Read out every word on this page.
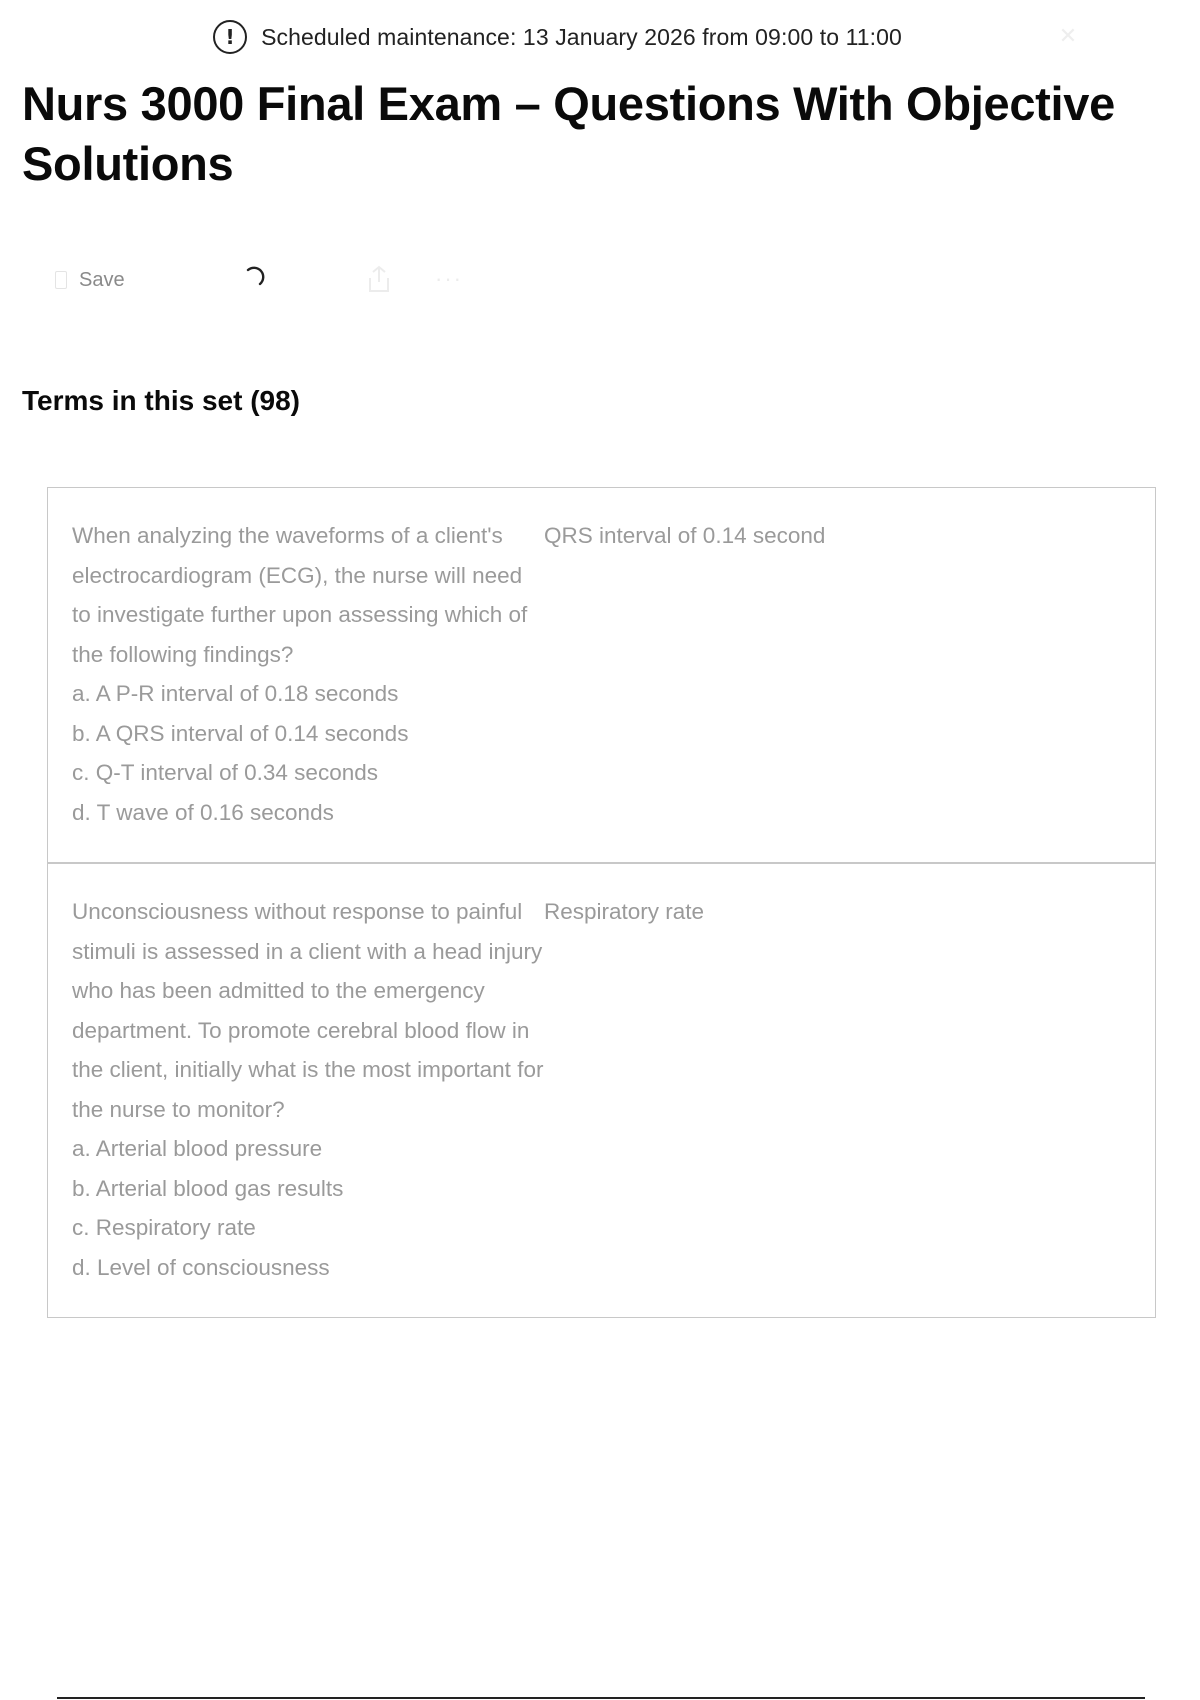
!	Scheduled maintenance: 13 January 2026 from 09:00 to 11:00	✕
Nurs 3000 Final Exam – Questions With Objective Solutions
Save	···
Terms in this set (98)

When analyzing the waveforms of a client's electrocardiogram (ECG), the nurse will need to investigate further upon assessing which of the following findings?

a. A P-R interval of 0.18 seconds

b. A QRS interval of 0.14 seconds

c. Q-T interval of 0.34 seconds

d. T wave of 0.16 seconds

QRS interval of 0.14 second

Unconsciousness without response to painful stimuli is assessed in a client with a head injury who has been admitted to the emergency department. To promote cerebral blood flow in the client, initially what is the most important for the nurse to monitor?

a. Arterial blood pressure

b. Arterial blood gas results

c. Respiratory rate

d. Level of consciousness

Respiratory rate
